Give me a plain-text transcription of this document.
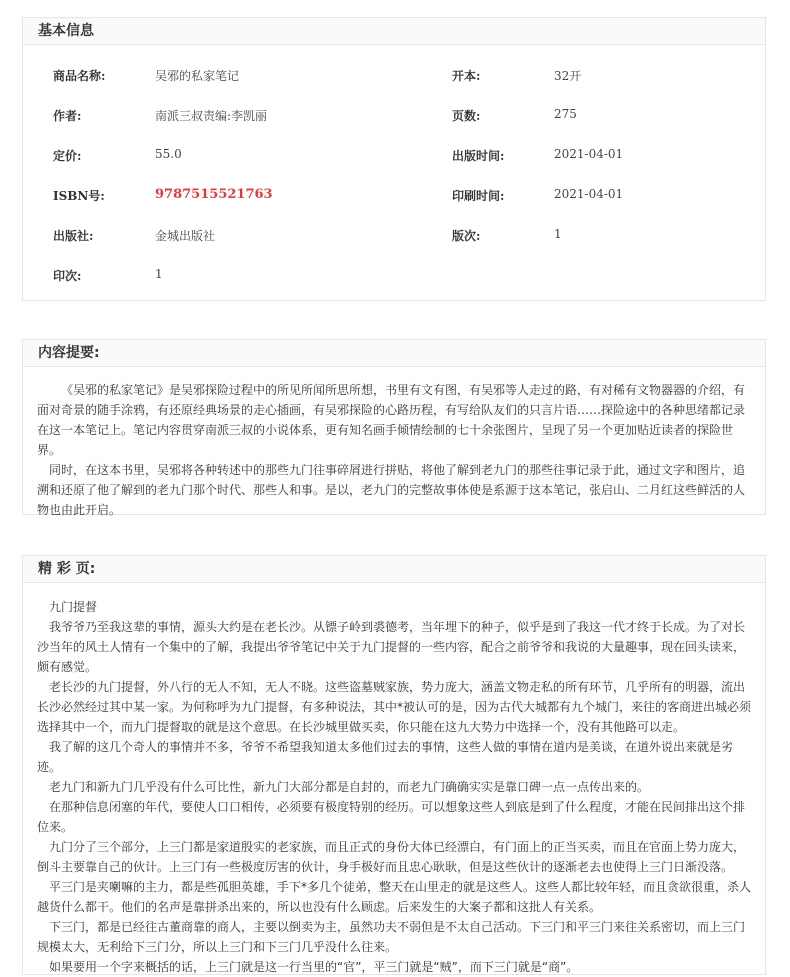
基本信息
商品名称:	吴邪的私家笔记	开本:	32开
作者:	南派三叔责编:李凯丽	页数:	275
定价:	55.0	出版时间:	2021-04-01
ISBN号:	9787515521763	印刷时间:	2021-04-01
出版社:	金城出版社	版次:	1
印次:	1
内容提要:

《吴邪的私家笔记》是吴邪探险过程中的所见所闻所思所想，书里有文有图，有吴邪等人走过的路，有对稀有文物器器的介绍，有面对奇景的随手涂鸦，有还原经典场景的走心插画，有吴邪探险的心路历程，有写给队友们的只言片语……探险途中的各种思绪都记录在这一本笔记上。笔记内容贯穿南派三叔的小说体系，更有知名画手倾情绘制的七十余张图片，呈现了另一个更加贴近读者的探险世界。

同时，在这本书里，吴邪将各种转述中的那些九门往事碎屑进行拼贴，将他了解到老九门的那些往事记录于此，通过文字和图片，追溯和还原了他了解到的老九门那个时代、那些人和事。是以，老九门的完整故事体使是系源于这本笔记，张启山、二月红这些鲜活的人物也由此开启。

精 彩 页:

九门提督

我爷爷乃至我这辈的事情，源头大约是在老长沙。从镖子岭到裘德考，当年埋下的种子，似乎是到了我这一代才终于长成。为了对长沙当年的风土人情有一个集中的了解，我提出爷爷笔记中关于九门提督的一些内容，配合之前爷爷和我说的大量趣事，现在回头读来，颇有感觉。

老长沙的九门提督，外八行的无人不知，无人不晓。这些盗墓贼家族，势力庞大，涵盖文物走私的所有环节，几乎所有的明器，流出长沙必然经过其中某一家。为何称呼为九门提督，有多种说法，其中*被认可的是，因为古代大城都有九个城门，来往的客商进出城必须选择其中一个，而九门提督取的就是这个意思。在长沙城里做买卖，你只能在这九大势力中选择一个，没有其他路可以走。

我了解的这几个奇人的事情并不多，爷爷不希望我知道太多他们过去的事情，这些人做的事情在道内是美谈，在道外说出来就是劣迹。

老九门和新九门几乎没有什么可比性，新九门大部分都是自封的，而老九门确确实实是靠口碑一点一点传出来的。

在那种信息闭塞的年代，要使人口口相传，必须要有极度特别的经历。可以想象这些人到底是到了什么程度，才能在民间排出这个排位来。

九门分了三个部分，上三门都是家道殷实的老家族，而且正式的身份大体已经漂白，有门面上的正当买卖，而且在官面上势力庞大，倒斗主要靠自己的伙计。上三门有一些极度厉害的伙计，身手极好而且忠心耿耿，但是这些伙计的逐渐老去也使得上三门日渐没落。

平三门是夹喇嘛的主力，都是些孤胆英雄，手下*多几个徒弟，整天在山里走的就是这些人。这些人都比较年轻，而且贪欲很重，杀人越货什么都干。他们的名声是靠拼杀出来的，所以也没有什么顾虑。后来发生的大案子都和这批人有关系。

下三门，都是已经往古董商靠的商人，主要以倒卖为主，虽然功夫不弱但是不太自己活动。下三门和平三门来往关系密切，而上三门规模太大，无利给下三门分，所以上三门和下三门几乎没什么往来。

如果要用一个字来概括的话，上三门就是这一行当里的“官”，平三门就是“贼”，而下三门就是“商”。
